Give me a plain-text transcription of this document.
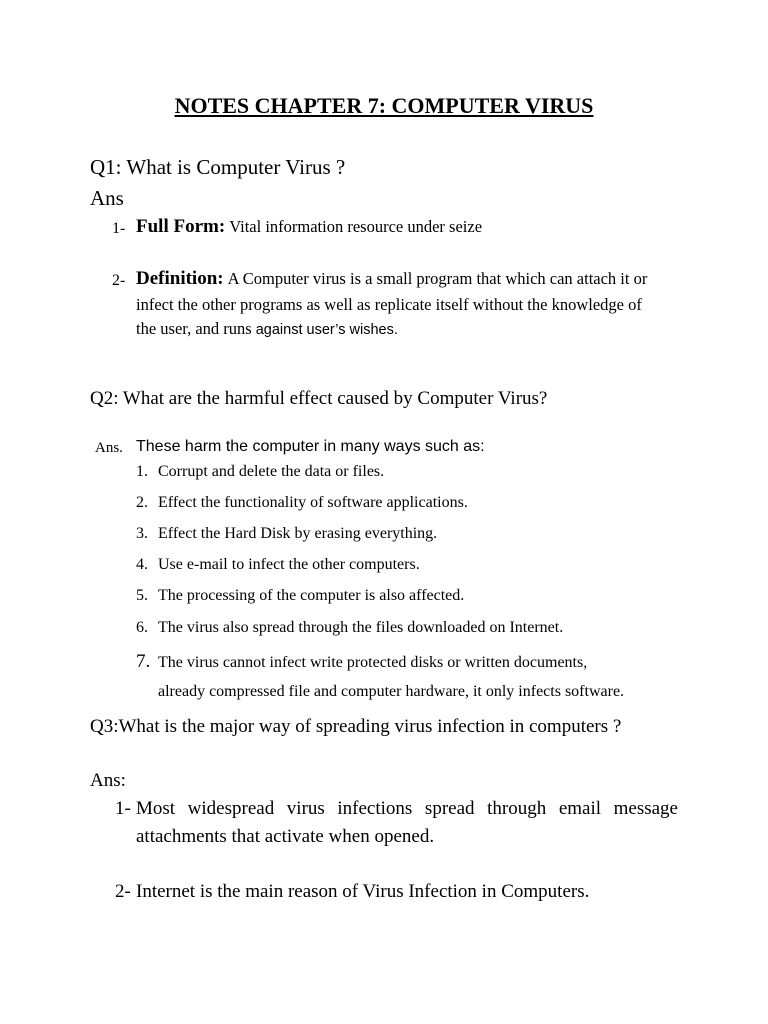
NOTES CHAPTER 7: COMPUTER VIRUS
Q1: What is Computer Virus ?
Ans
1- Full Form: Vital information resource under seize
2- Definition: A Computer virus is a small program that which can attach it or
infect the other programs as well as replicate itself without the knowledge of
the user, and runs against user’s wishes.
Q2: What are the harmful effect caused by Computer Virus?
Ans. These harm the computer in many ways such as:
1. Corrupt and delete the data or files.
2. Effect the functionality of software applications.
3. Effect the Hard Disk by erasing everything.
4. Use e-mail to infect the other computers.
5. The processing of the computer is also affected.
6. The virus also spread through the files downloaded on Internet.
7. The virus cannot infect write protected disks or written documents,
already compressed file and computer hardware, it only infects software.
Q3:What is the major way of spreading virus infection in computers ?
Ans:
1- Most widespread virus infections spread through email message
attachments that activate when opened.
2- Internet is the main reason of Virus Infection in Computers.
